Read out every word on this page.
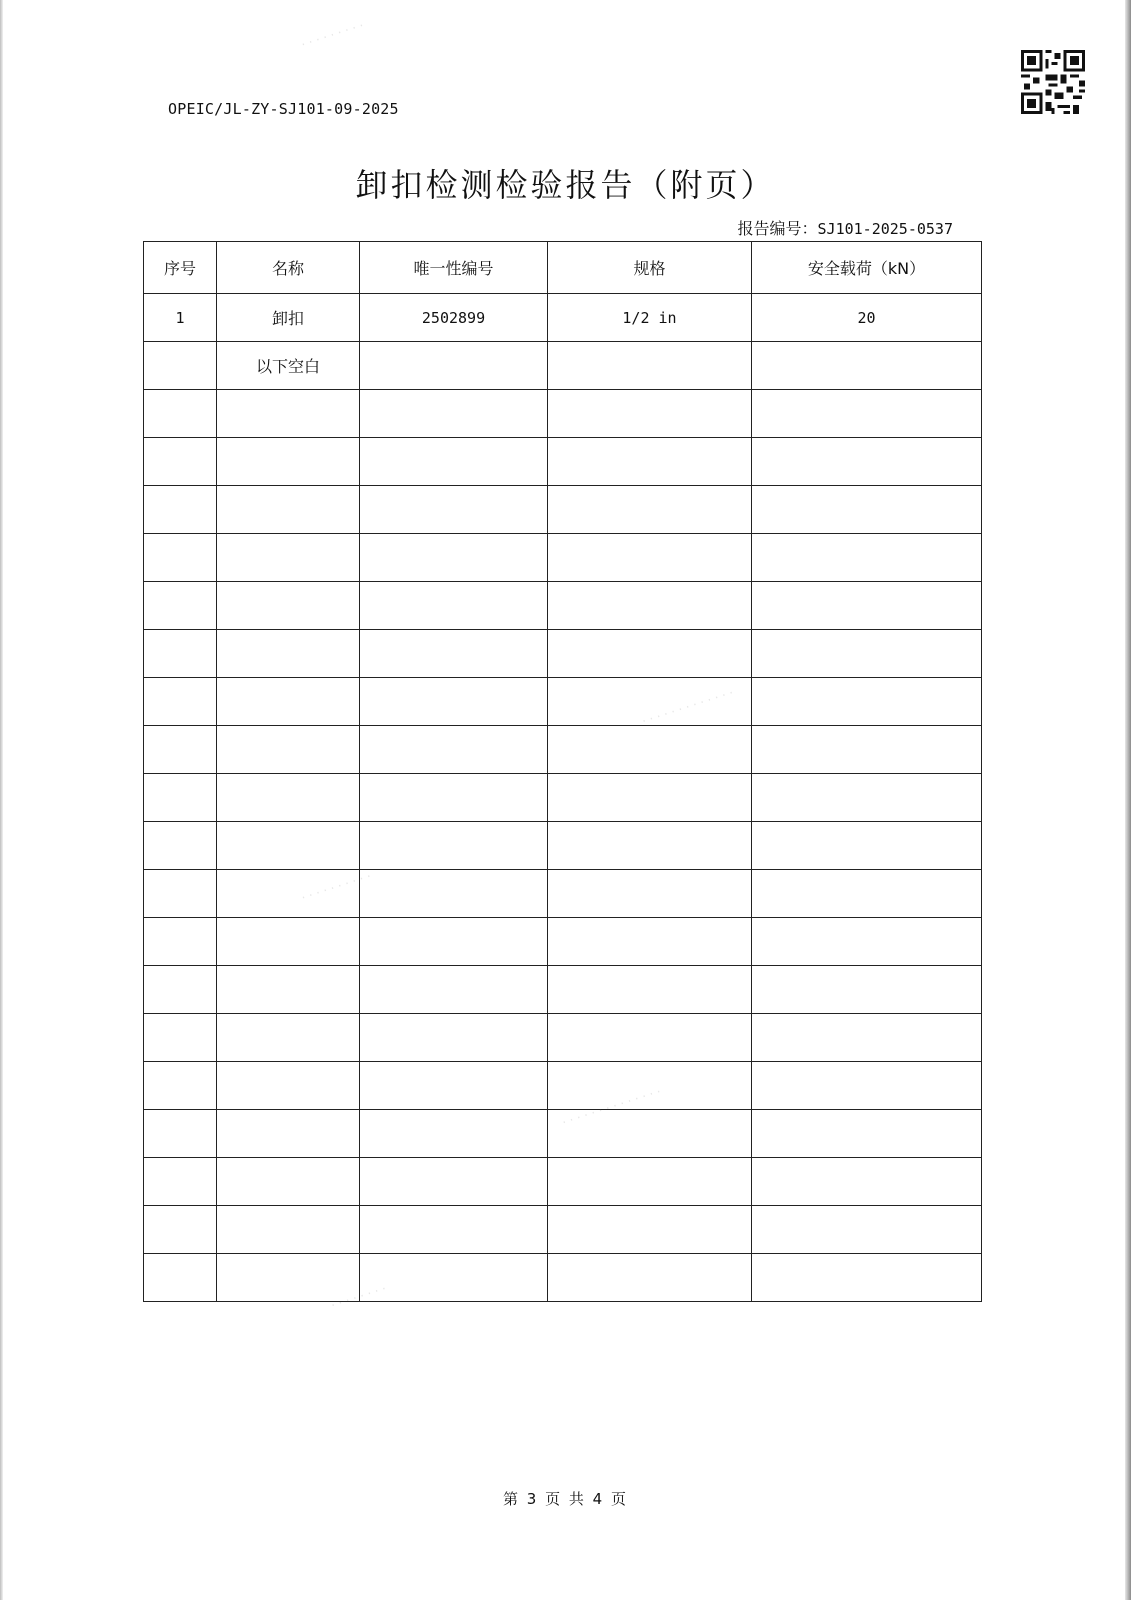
OPEIC/JL-ZY-SJ101-09-2025
卸扣检测检验报告（附页）
报告编号：SJ101-2025-0537
序号	名称	唯一性编号	规格	安全载荷（kN）
1	卸扣	2502899	1/2 in	20
	以下空白			

· · · · · · · · ·
· · · · · · · · · · · · ·
· · · · · · · · · ·
· · · · · · · · · · · · · ·
· · · · · · · ·
第 3 页 共 4 页
